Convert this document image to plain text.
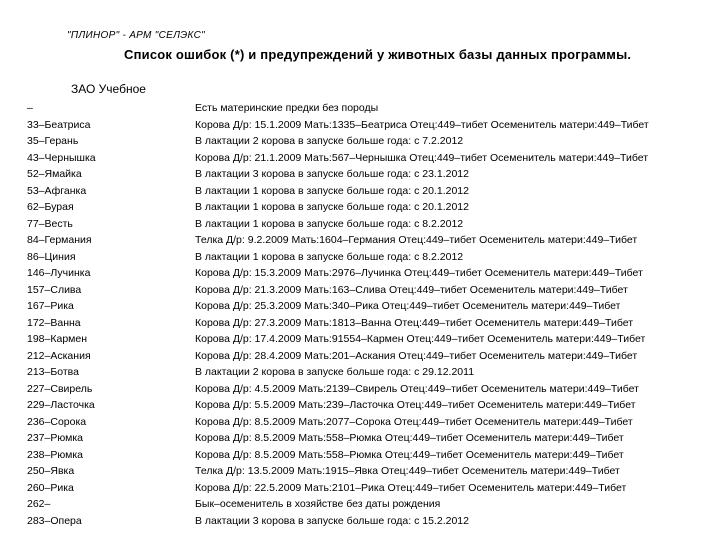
"ПЛИНОР" - АРМ "СЕЛЭКС"
Список ошибок (*) и предупреждений у животных базы данных программы.
ЗАО Учебное
–	Есть материнские предки без породы
33–Беатриса	Корова Д/р: 15.1.2009 Мать:1335–Беатриса Отец:449–тибет Осеменитель матери:449–Тибет
35–Герань	В лактации 2 корова в запуске больше года: с 7.2.2012
43–Чернышка	Корова Д/р: 21.1.2009 Мать:567–Чернышка Отец:449–тибет Осеменитель матери:449–Тибет
52–Ямайка	В лактации 3 корова в запуске больше года: с 23.1.2012
53–Афганка	В лактации 1 корова в запуске больше года: с 20.1.2012
62–Бурая	В лактации 1 корова в запуске больше года: с 20.1.2012
77–Весть	В лактации 1 корова в запуске больше года: с 8.2.2012
84–Германия	Телка Д/р: 9.2.2009 Мать:1604–Германия Отец:449–тибет Осеменитель матери:449–Тибет
86–Циния	В лактации 1 корова в запуске больше года: с 8.2.2012
146–Лучинка	Корова Д/р: 15.3.2009 Мать:2976–Лучинка Отец:449–тибет Осеменитель матери:449–Тибет
157–Слива	Корова Д/р: 21.3.2009 Мать:163–Слива Отец:449–тибет Осеменитель матери:449–Тибет
167–Рика	Корова Д/р: 25.3.2009 Мать:340–Рика Отец:449–тибет Осеменитель матери:449–Тибет
172–Ванна	Корова Д/р: 27.3.2009 Мать:1813–Ванна Отец:449–тибет Осеменитель матери:449–Тибет
198–Кармен	Корова Д/р: 17.4.2009 Мать:91554–Кармен Отец:449–тибет Осеменитель матери:449–Тибет
212–Аскания	Корова Д/р: 28.4.2009 Мать:201–Аскания Отец:449–тибет Осеменитель матери:449–Тибет
213–Ботва	В лактации 2 корова в запуске больше года: с 29.12.2011
227–Свирель	Корова Д/р: 4.5.2009 Мать:2139–Свирель Отец:449–тибет Осеменитель матери:449–Тибет
229–Ласточка	Корова Д/р: 5.5.2009 Мать:239–Ласточка Отец:449–тибет Осеменитель матери:449–Тибет
236–Сорока	Корова Д/р: 8.5.2009 Мать:2077–Сорока Отец:449–тибет Осеменитель матери:449–Тибет
237–Рюмка	Корова Д/р: 8.5.2009 Мать:558–Рюмка Отец:449–тибет Осеменитель матери:449–Тибет
238–Рюмка	Корова Д/р: 8.5.2009 Мать:558–Рюмка Отец:449–тибет Осеменитель матери:449–Тибет
250–Явка	Телка Д/р: 13.5.2009 Мать:1915–Явка Отец:449–тибет Осеменитель матери:449–Тибет
260–Рика	Корова Д/р: 22.5.2009 Мать:2101–Рика Отец:449–тибет Осеменитель матери:449–Тибет
262–	Бык–осеменитель в хозяйстве без даты рождения
283–Опера	В лактации 3 корова в запуске больше года: с 15.2.2012
